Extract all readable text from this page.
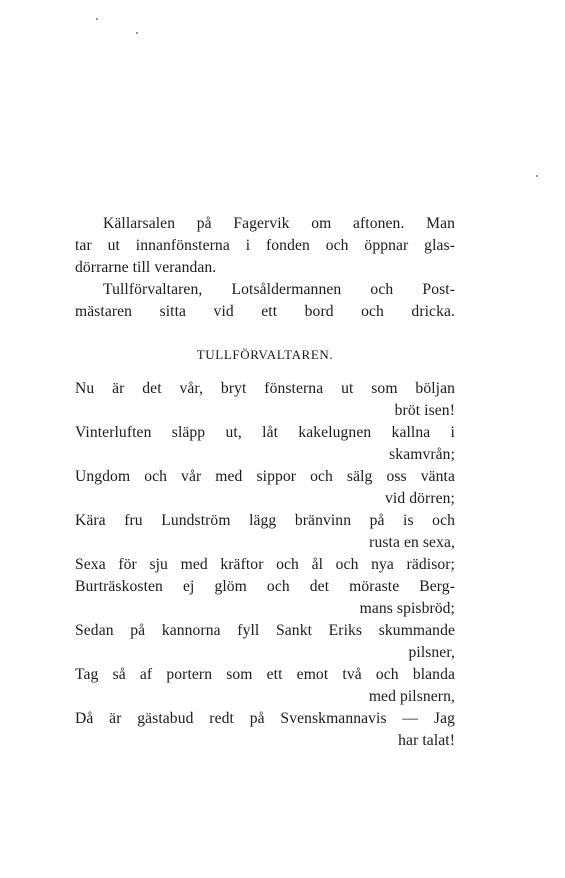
Källarsalen på Fagervik om aftonen. Man
tar ut innanfönsterna i fonden och öppnar glas-
dörrarne till verandan.
Tullförvaltaren, Lotsåldermannen och Post-
mästaren sitta vid ett bord och dricka.
TULLFÖRVALTAREN.
Nu är det vår, bryt fönsterna ut som böljan
bröt isen!
Vinterluften släpp ut, låt kakelugnen kallna i
skamvrån;
Ungdom och vår med sippor och sälg oss vänta
vid dörren;
Kära fru Lundström lägg bränvinn på is och
rusta en sexa,
Sexa för sju med kräftor och ål och nya rädisor;
Burträskosten ej glöm och det möraste Berg-
mans spisbröd;
Sedan på kannorna fyll Sankt Eriks skummande
pilsner,
Tag så af portern som ett emot två och blanda
med pilsnern,
Då är gästabud redt på Svenskmannavis — Jag
har talat!
